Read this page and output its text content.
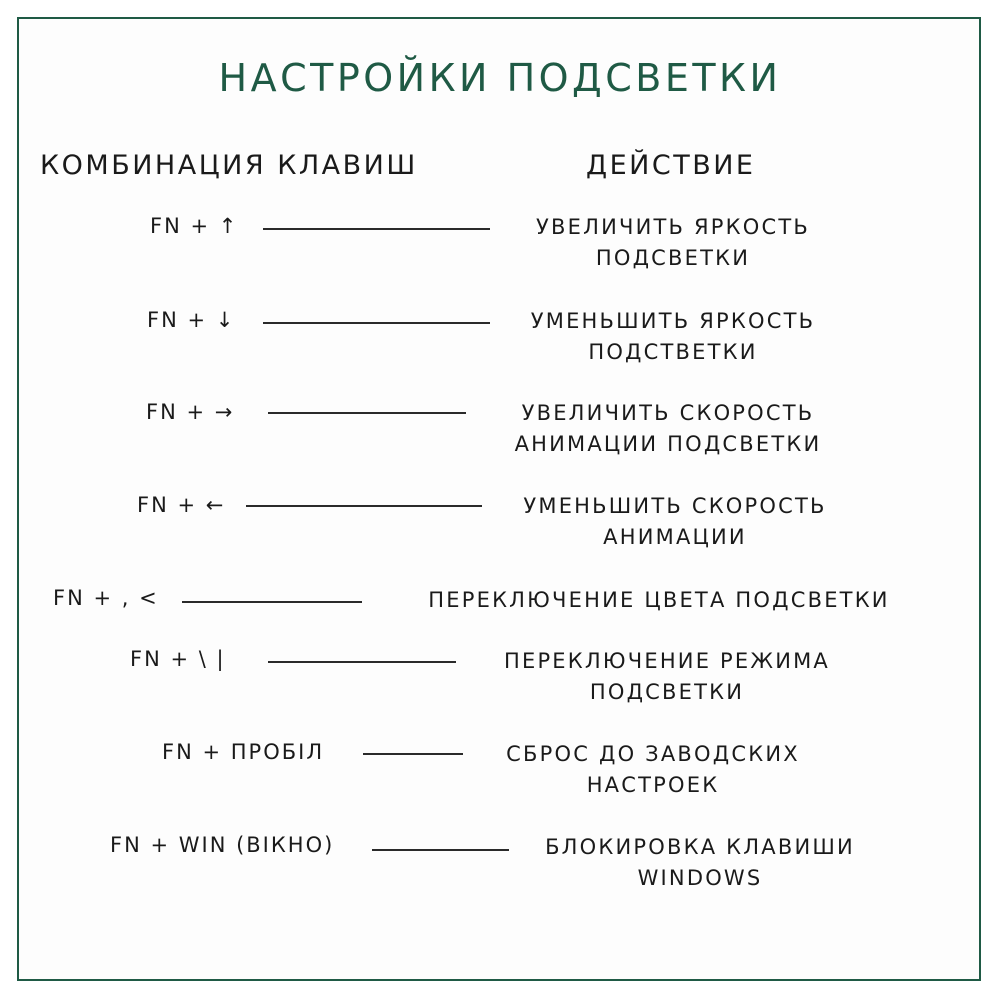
НАСТРОЙКИ ПОДСВЕТКИ
КОМБИНАЦИЯ КЛАВИШ	ДЕЙСТВИЕ
FN + ↑	УВЕЛИЧИТЬ ЯРКОСТЬ
ПОДСВЕТКИ
FN + ↓	УМЕНЬШИТЬ ЯРКОСТЬ
ПОДСТВЕТКИ
FN + →	УВЕЛИЧИТЬ СКОРОСТЬ
АНИМАЦИИ ПОДСВЕТКИ
FN + ←	УМЕНЬШИТЬ СКОРОСТЬ
АНИМАЦИИ
FN + , <	ПЕРЕКЛЮЧЕНИЕ ЦВЕТА ПОДСВЕТКИ
FN + \ |	ПЕРЕКЛЮЧЕНИЕ РЕЖИМА
ПОДСВЕТКИ
FN + ПРОБІЛ	СБРОС ДО ЗАВОДСКИХ
НАСТРОЕК
FN + WIN (ВІКНО)	БЛОКИРОВКА КЛАВИШИ
WINDOWS
